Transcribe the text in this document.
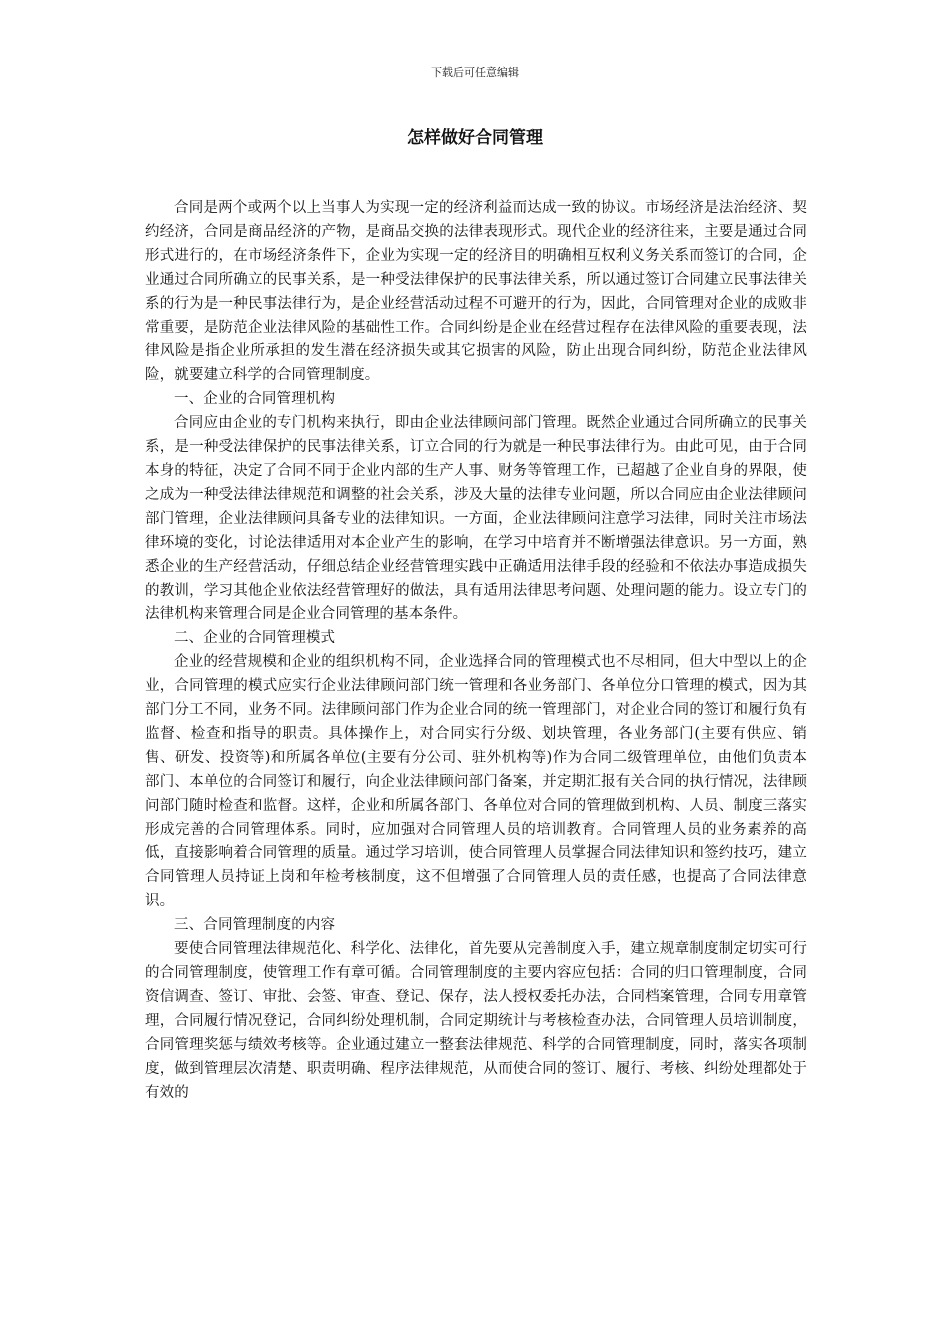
下载后可任意编辑
怎样做好合同管理

合同是两个或两个以上当事人为实现一定的经济利益而达成一致的协议。市场经济是法治经济、契约经济，合同是商品经济的产物，是商品交换的法律表现形式。现代企业的经济往来，主要是通过合同形式进行的，在市场经济条件下，企业为实现一定的经济目的明确相互权利义务关系而签订的合同，企业通过合同所确立的民事关系，是一种受法律保护的民事法律关系，所以通过签订合同建立民事法律关系的行为是一种民事法律行为，是企业经营活动过程不可避开的行为，因此，合同管理对企业的成败非常重要，是防范企业法律风险的基础性工作。合同纠纷是企业在经营过程存在法律风险的重要表现，法律风险是指企业所承担的发生潜在经济损失或其它损害的风险，防止出现合同纠纷，防范企业法律风险，就要建立科学的合同管理制度。

一、企业的合同管理机构

合同应由企业的专门机构来执行，即由企业法律顾问部门管理。既然企业通过合同所确立的民事关系，是一种受法律保护的民事法律关系，订立合同的行为就是一种民事法律行为。由此可见，由于合同本身的特征，决定了合同不同于企业内部的生产人事、财务等管理工作，已超越了企业自身的界限，使之成为一种受法律法律规范和调整的社会关系，涉及大量的法律专业问题，所以合同应由企业法律顾问部门管理，企业法律顾问具备专业的法律知识。一方面，企业法律顾问注意学习法律，同时关注市场法律环境的变化，讨论法律适用对本企业产生的影响，在学习中培育并不断增强法律意识。另一方面，熟悉企业的生产经营活动，仔细总结企业经营管理实践中正确适用法律手段的经验和不依法办事造成损失的教训，学习其他企业依法经营管理好的做法，具有适用法律思考问题、处理问题的能力。设立专门的法律机构来管理合同是企业合同管理的基本条件。

二、企业的合同管理模式

企业的经营规模和企业的组织机构不同，企业选择合同的管理模式也不尽相同，但大中型以上的企业，合同管理的模式应实行企业法律顾问部门统一管理和各业务部门、各单位分口管理的模式，因为其部门分工不同，业务不同。法律顾问部门作为企业合同的统一管理部门，对企业合同的签订和履行负有监督、检查和指导的职责。具体操作上，对合同实行分级、划块管理，各业务部门(主要有供应、销售、研发、投资等)和所属各单位(主要有分公司、驻外机构等)作为合同二级管理单位，由他们负责本部门、本单位的合同签订和履行，向企业法律顾问部门备案，并定期汇报有关合同的执行情况，法律顾问部门随时检查和监督。这样，企业和所属各部门、各单位对合同的管理做到机构、人员、制度三落实形成完善的合同管理体系。同时，应加强对合同管理人员的培训教育。合同管理人员的业务素养的高低，直接影响着合同管理的质量。通过学习培训，使合同管理人员掌握合同法律知识和签约技巧，建立合同管理人员持证上岗和年检考核制度，这不但增强了合同管理人员的责任感，也提高了合同法律意识。

三、合同管理制度的内容

要使合同管理法律规范化、科学化、法律化，首先要从完善制度入手，建立规章制度制定切实可行的合同管理制度，使管理工作有章可循。合同管理制度的主要内容应包括：合同的归口管理制度，合同资信调查、签订、审批、会签、审查、登记、保存，法人授权委托办法，合同档案管理，合同专用章管理，合同履行情况登记，合同纠纷处理机制，合同定期统计与考核检查办法，合同管理人员培训制度，合同管理奖惩与绩效考核等。企业通过建立一整套法律规范、科学的合同管理制度，同时，落实各项制度，做到管理层次清楚、职责明确、程序法律规范，从而使合同的签订、履行、考核、纠纷处理都处于有效的
